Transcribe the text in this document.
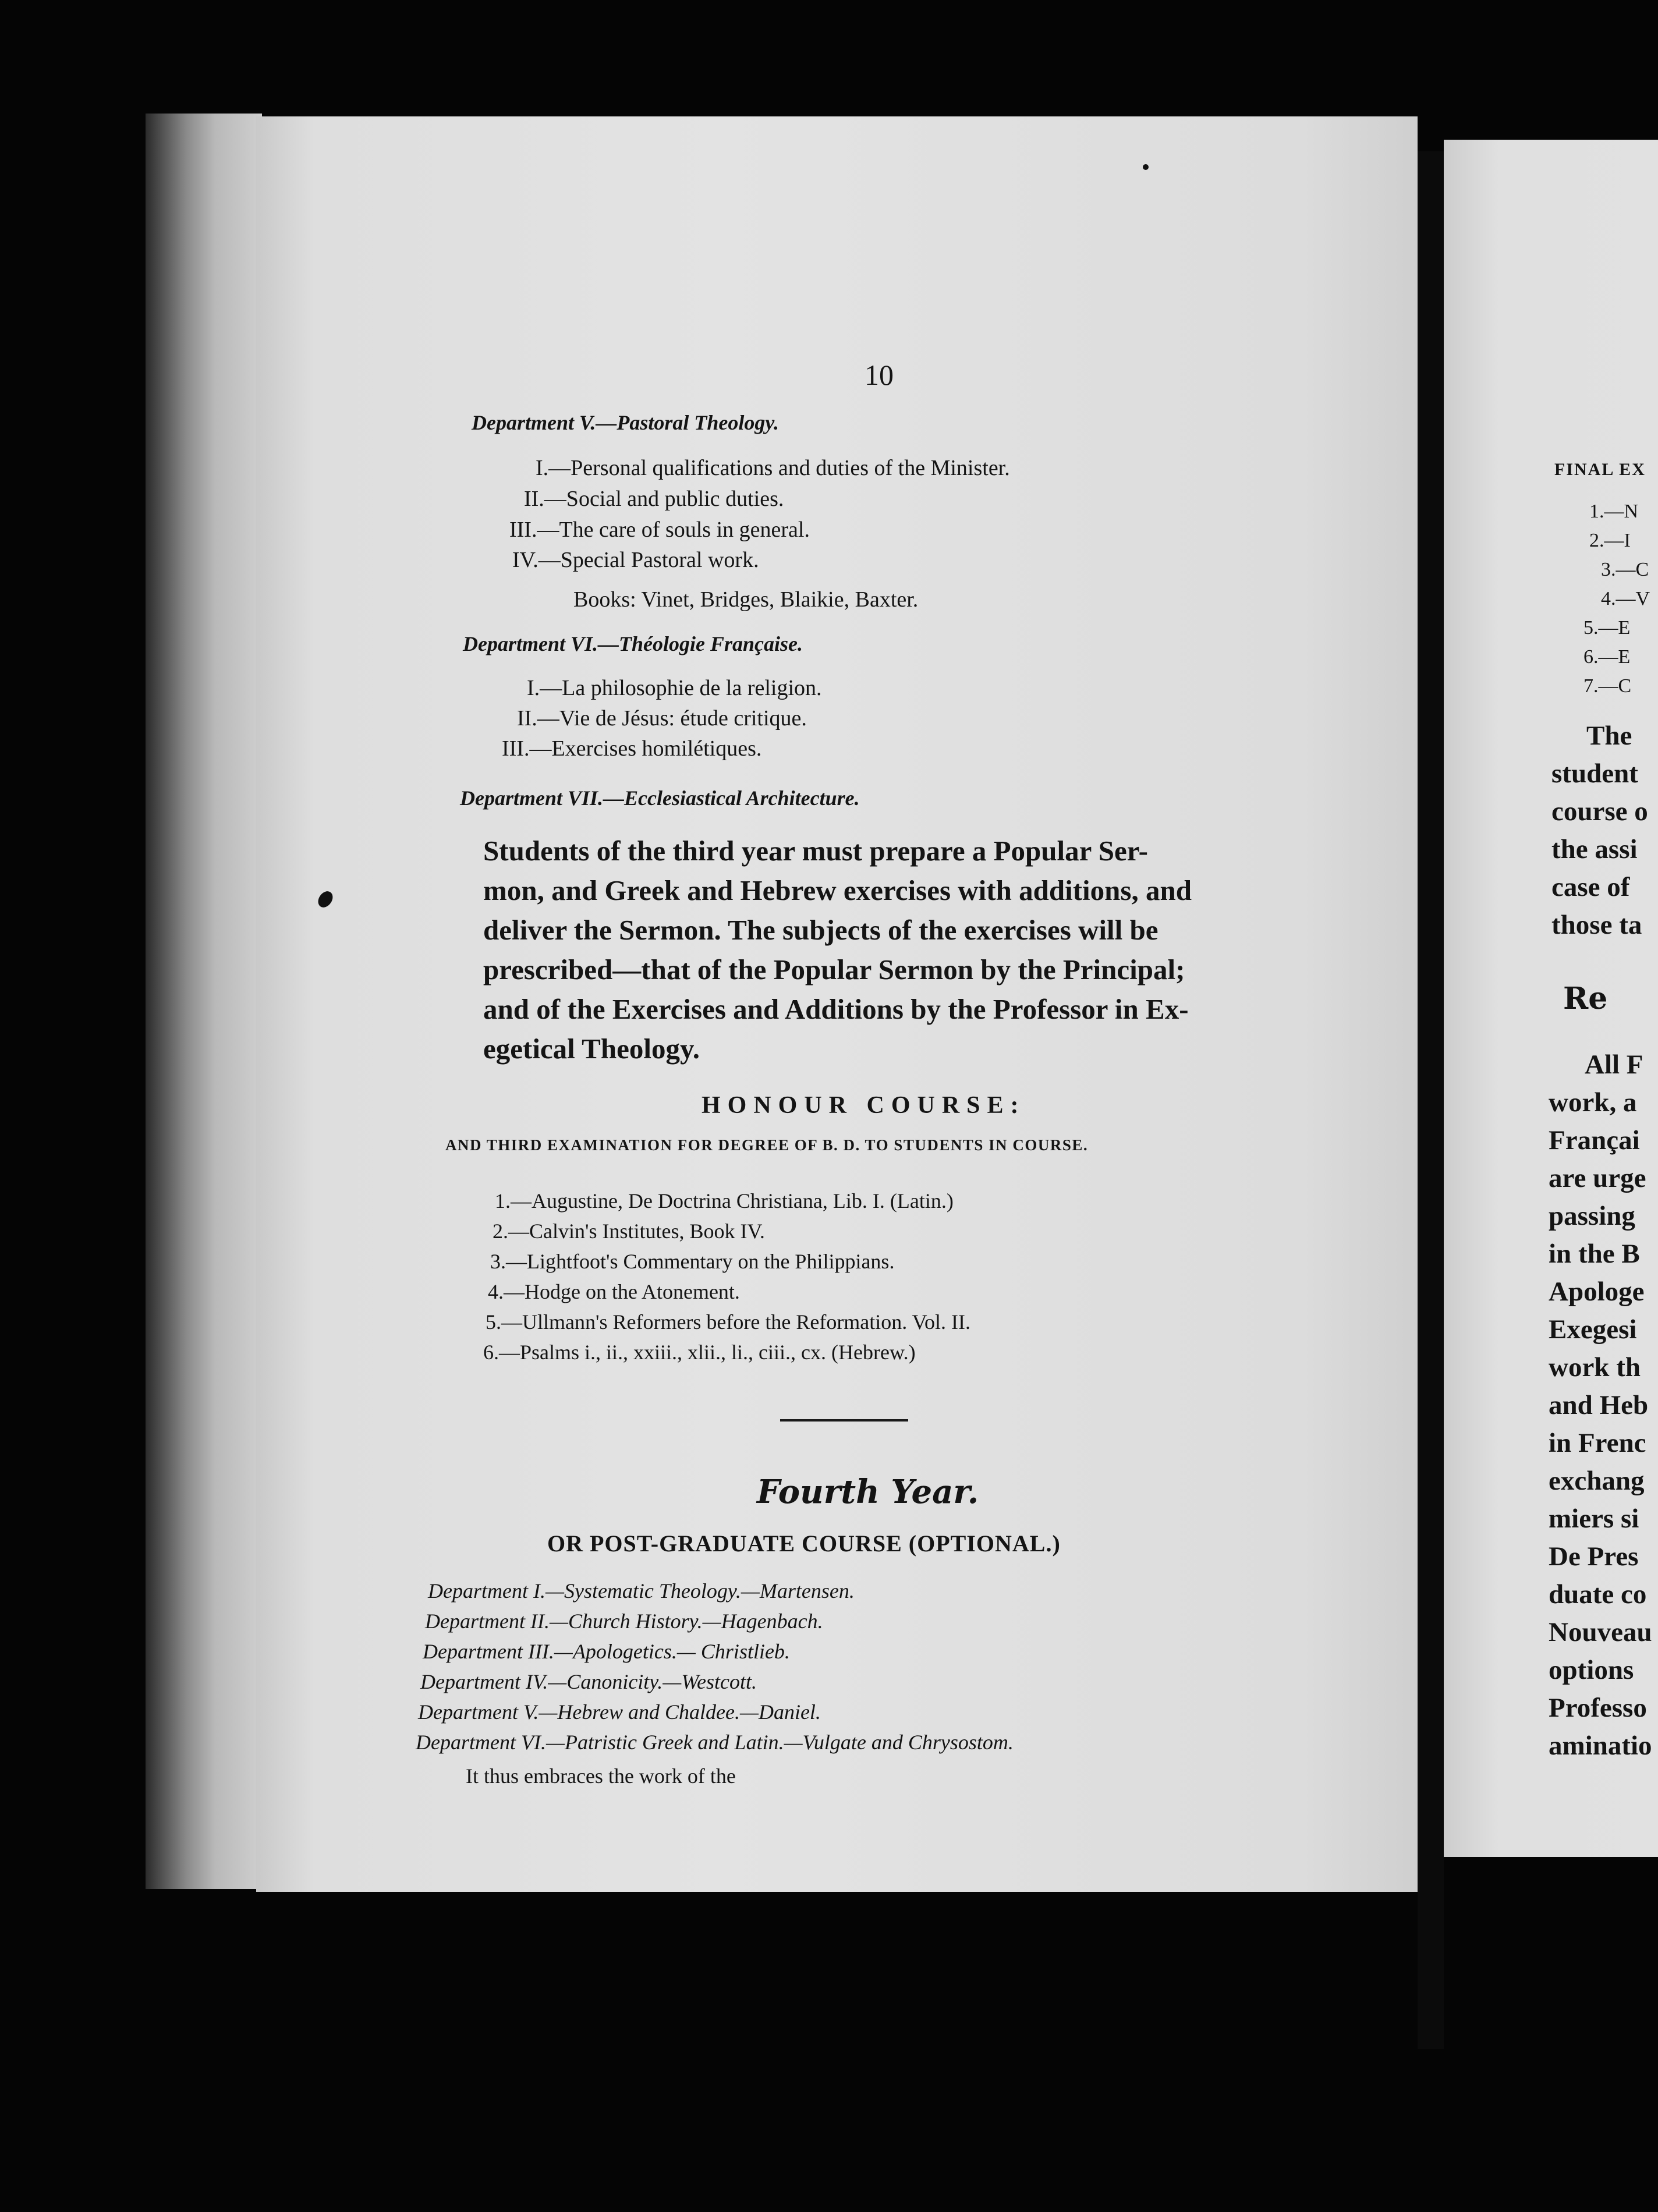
10
Department V.—Pastoral Theology.
I.—Personal qualifications and duties of the Minister.
II.—Social and public duties.
III.—The care of souls in general.
IV.—Special Pastoral work.
Books: Vinet, Bridges, Blaikie, Baxter.
Department VI.—Théologie Française.
I.—La philosophie de la religion.
II.—Vie de Jésus: étude critique.
III.—Exercises homilétiques.
Department VII.—Ecclesiastical Architecture.
Students of the third year must prepare a Popular Ser-
mon, and Greek and Hebrew exercises with additions, and
deliver the Sermon. The subjects of the exercises will be
prescribed—that of the Popular Sermon by the Principal;
and of the Exercises and Additions by the Professor in Ex-
egetical Theology.
HONOUR COURSE:
AND THIRD EXAMINATION FOR DEGREE OF B. D. TO STUDENTS IN COURSE.
1.—Augustine, De Doctrina Christiana, Lib. I. (Latin.)
2.—Calvin's Institutes, Book IV.
3.—Lightfoot's Commentary on the Philippians.
4.—Hodge on the Atonement.
5.—Ullmann's Reformers before the Reformation. Vol. II.
6.—Psalms i., ii., xxiii., xlii., li., ciii., cx. (Hebrew.)
Fourth Year.
OR POST-GRADUATE COURSE (OPTIONAL.)
Department I.—Systematic Theology.—Martensen.
Department II.—Church History.—Hagenbach.
Department III.—Apologetics.— Christlieb.
Department IV.—Canonicity.—Westcott.
Department V.—Hebrew and Chaldee.—Daniel.
Department VI.—Patristic Greek and Latin.—Vulgate and Chrysostom.
It thus embraces the work of the
FINAL EX
1.—N
2.—I
3.—C
4.—V
5.—E
6.—E
7.—C
The
student
course o
the assi
case of
those ta
Re
All F
work, a
Françai
are urge
passing
in the B
Apologe
Exegesi
work th
and Heb
in Frenc
exchang
miers si
De Pres
duate co
Nouveau
options
Professo
aminatio
